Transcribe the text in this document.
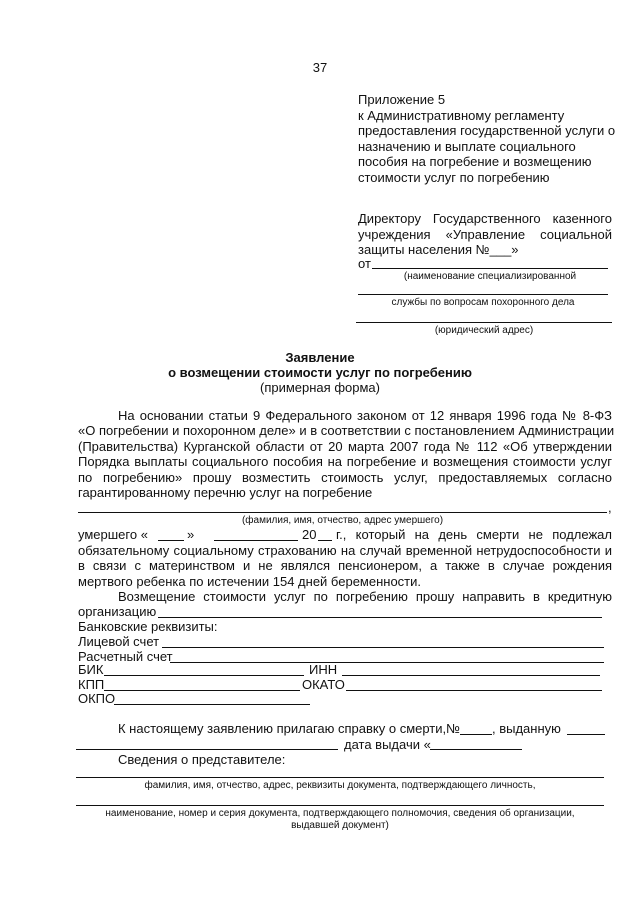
37
Приложение 5
к Административному регламенту
предоставления государственной услуги о
назначению и выплате социального
пособия на погребение и возмещению
стоимости услуг по погребению
Директору Государственного казенного
учреждения «Управление социальной
защиты населения №___»
от
(наименование специализированной
службы по вопросам похоронного дела
(юридический адрес)
Заявление
о возмещении стоимости услуг по погребению
(примерная форма)
На основании статьи 9 Федерального законом от 12 января 1996 года № 8-ФЗ
«О погребении и похоронном деле» и в соответствии с постановлением Администрации
(Правительства) Курганской области от 20 марта 2007 года № 112 «Об утверждении
Порядка выплаты социального пособия на погребение и возмещения стоимости услуг
по погребению» прошу возместить стоимость услуг, предоставляемых согласно
гарантированному перечню услуг на погребение
,
(фамилия, имя, отчество, адрес умершего)
умершего «	»	20 г., который на день смерти не подлежал
обязательному социальному страхованию на случай временной нетрудоспособности и
в связи с материнством и не являлся пенсионером, а также в случае рождения
мертвого ребенка по истечении 154 дней беременности.
Возмещение стоимости услуг по погребению прошу направить в кредитную
организацию
Банковские реквизиты:
Лицевой счет
Расчетный счет
БИК	ИНН
КПП	ОКАТО
ОКПО
К настоящему заявлению прилагаю справку о смерти,№ , выданную
дата выдачи «
Сведения о представителе:
фамилия, имя, отчество, адрес, реквизиты документа, подтверждающего личность,
наименование, номер и серия документа, подтверждающего полномочия, сведения об организации,
выдавшей документ)
